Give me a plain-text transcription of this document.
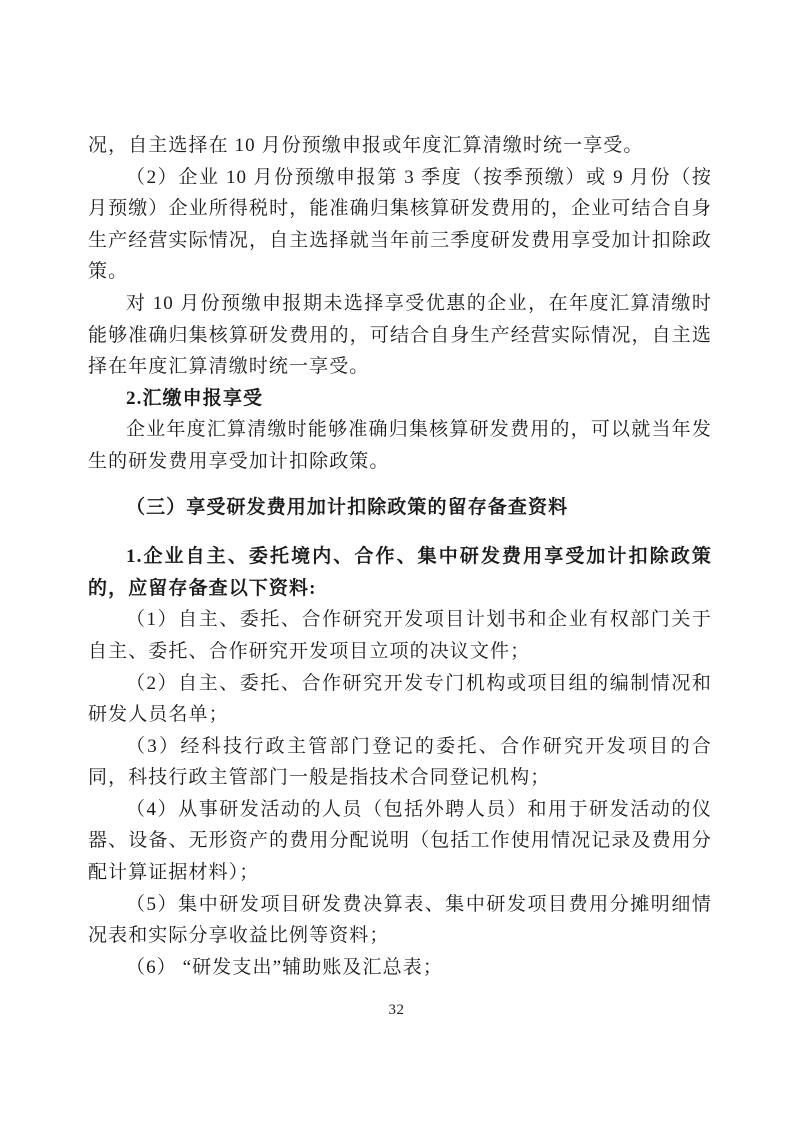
况，自主选择在 10 月份预缴申报或年度汇算清缴时统一享受。

（2）企业 10 月份预缴申报第 3 季度（按季预缴）或 9 月份（按月预缴）企业所得税时，能准确归集核算研发费用的，企业可结合自身生产经营实际情况，自主选择就当年前三季度研发费用享受加计扣除政策。

对 10 月份预缴申报期未选择享受优惠的企业，在年度汇算清缴时能够准确归集核算研发费用的，可结合自身生产经营实际情况，自主选择在年度汇算清缴时统一享受。

2.汇缴申报享受

企业年度汇算清缴时能够准确归集核算研发费用的，可以就当年发生的研发费用享受加计扣除政策。

（三）享受研发费用加计扣除政策的留存备查资料

1.企业自主、委托境内、合作、集中研发费用享受加计扣除政策的，应留存备查以下资料:

（1）自主、委托、合作研究开发项目计划书和企业有权部门关于自主、委托、合作研究开发项目立项的决议文件；

（2）自主、委托、合作研究开发专门机构或项目组的编制情况和研发人员名单；

（3）经科技行政主管部门登记的委托、合作研究开发项目的合同，科技行政主管部门一般是指技术合同登记机构；

（4）从事研发活动的人员（包括外聘人员）和用于研发活动的仪器、设备、无形资产的费用分配说明（包括工作使用情况记录及费用分配计算证据材料）；

（5）集中研发项目研发费决算表、集中研发项目费用分摊明细情况表和实际分享收益比例等资料；

（6） “研发支出”辅助账及汇总表；

32
